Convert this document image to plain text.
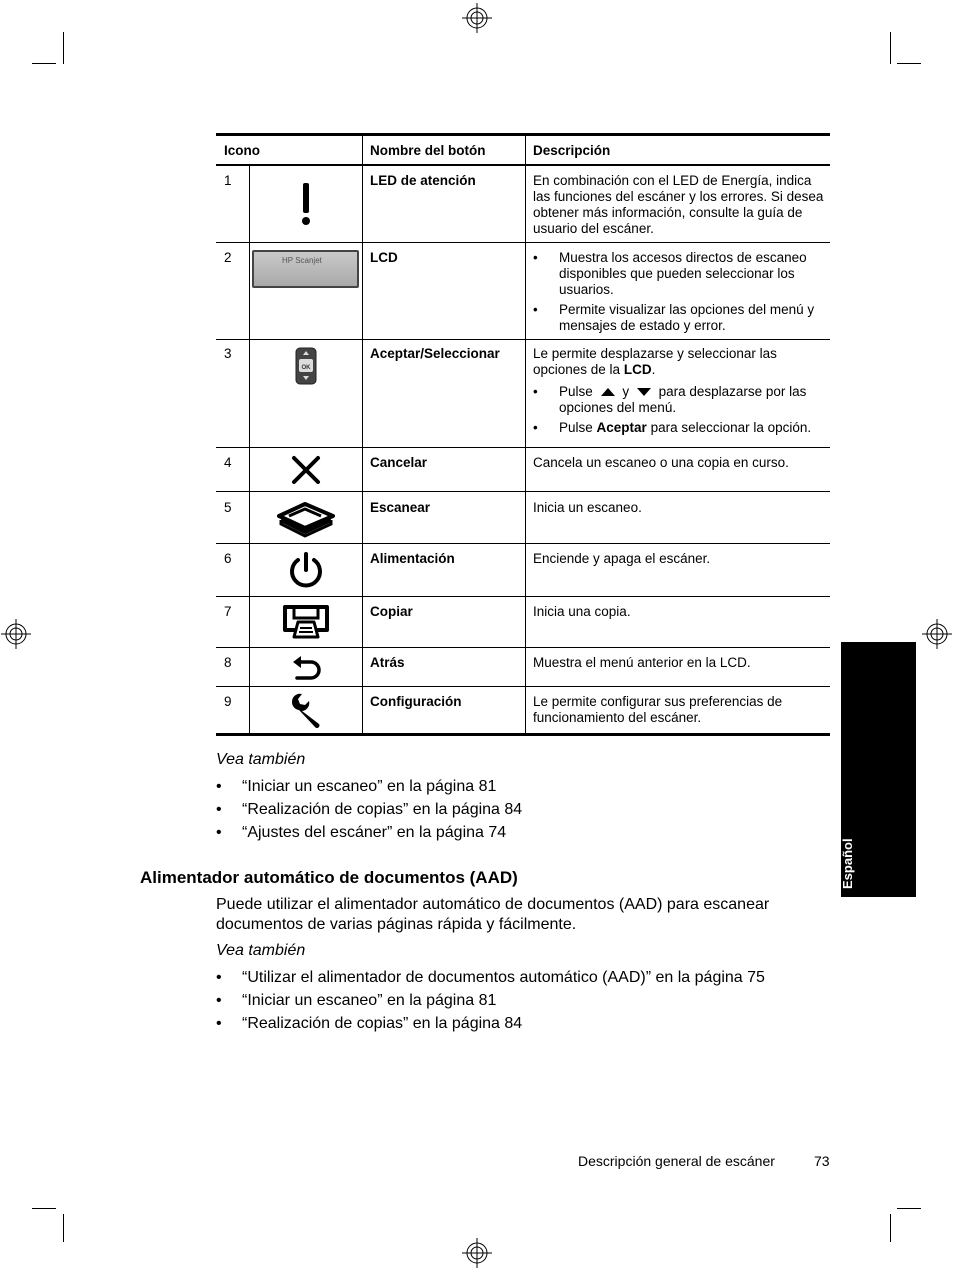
Icono	Nombre del botón	Descripción
1	LED de atención	En combinación con el LED de Energía, indica las funciones del escáner y los errores. Si desea obtener más información, consulte la guía de usuario del escáner.
2	HP Scanjet	LCD
•	Muestra los accesos directos de escaneo disponibles que pueden seleccionar los usuarios.
• Permite visualizar las opciones del menú y mensajes de estado y error.
3
OK
Aceptar/Seleccionar Le permite desplazarse y seleccionar las opciones de la LCD.
• Pulse y para desplazarse por las opciones del menú.
• Pulse Aceptar para seleccionar la opción.
4	Cancelar	Cancela un escaneo o una copia en curso.
5	Escanear	Inicia un escaneo.
6	Alimentación	Enciende y apaga el escáner.
7	Copiar	Inicia una copia.
8	Atrás	Muestra el menú anterior en la LCD.
9	Configuración	Le permite configurar sus preferencias de funcionamiento del escáner.
Vea también
• “Iniciar un escaneo” en la página 81
• “Realización de copias” en la página 84
• “Ajustes del escáner” en la página 74
Alimentador automático de documentos (AAD)
Puede utilizar el alimentador automático de documentos (AAD) para escanear documentos de varias páginas rápida y fácilmente.
Vea también
• “Utilizar el alimentador de documentos automático (AAD)” en la página 75
• “Iniciar un escaneo” en la página 81
• “Realización de copias” en la página 84
Español
Descripción general de escáner	73
